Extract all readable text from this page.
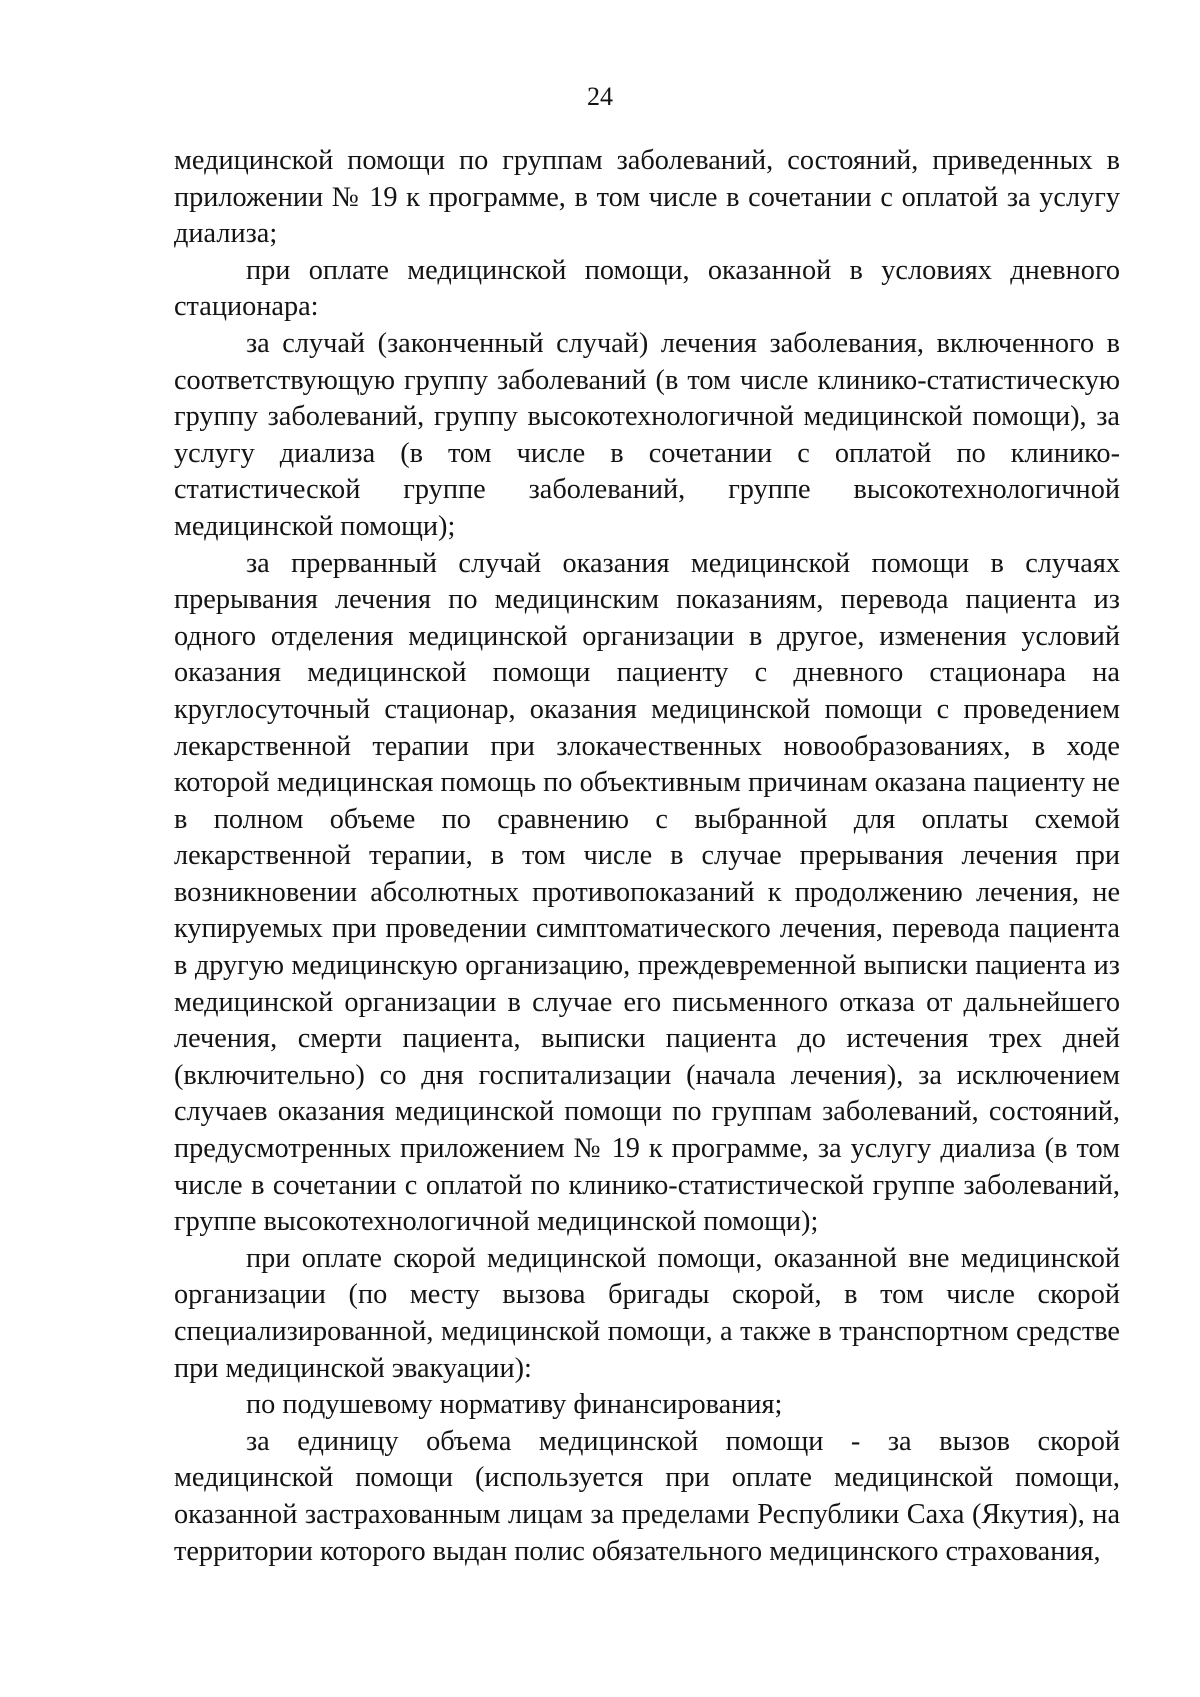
24

медицинской помощи по группам заболеваний, состояний, приведенных в приложении № 19 к программе, в том числе в сочетании с оплатой за услугу диализа;

при оплате медицинской помощи, оказанной в условиях дневного стационара:

за случай (законченный случай) лечения заболевания, включенного в соответствующую группу заболеваний (в том числе клинико-статистическую группу заболеваний, группу высокотехнологичной медицинской помощи), за услугу диализа (в том числе в сочетании с оплатой по клинико-статистической группе заболеваний, группе высокотехнологичной медицинской помощи);

за прерванный случай оказания медицинской помощи в случаях прерывания лечения по медицинским показаниям, перевода пациента из одного отделения медицинской организации в другое, изменения условий оказания медицинской помощи пациенту с дневного стационара на круглосуточный стационар, оказания медицинской помощи с проведением лекарственной терапии при злокачественных новообразованиях, в ходе которой медицинская помощь по объективным причинам оказана пациенту не в полном объеме по сравнению с выбранной для оплаты схемой лекарственной терапии, в том числе в случае прерывания лечения при возникновении абсолютных противопоказаний к продолжению лечения, не купируемых при проведении симптоматического лечения, перевода пациента в другую медицинскую организацию, преждевременной выписки пациента из медицинской организации в случае его письменного отказа от дальнейшего лечения, смерти пациента, выписки пациента до истечения трех дней (включительно) со дня госпитализации (начала лечения), за исключением случаев оказания медицинской помощи по группам заболеваний, состояний, предусмотренных приложением № 19 к программе, за услугу диализа (в том числе в сочетании с оплатой по клинико-статистической группе заболеваний, группе высокотехнологичной медицинской помощи);

при оплате скорой медицинской помощи, оказанной вне медицинской организации (по месту вызова бригады скорой, в том числе скорой специализированной, медицинской помощи, а также в транспортном средстве при медицинской эвакуации):

по подушевому нормативу финансирования;

за единицу объема медицинской помощи - за вызов скорой медицинской помощи (используется при оплате медицинской помощи, оказанной застрахованным лицам за пределами Республики Саха (Якутия), на территории которого выдан полис обязательного медицинского страхования,
